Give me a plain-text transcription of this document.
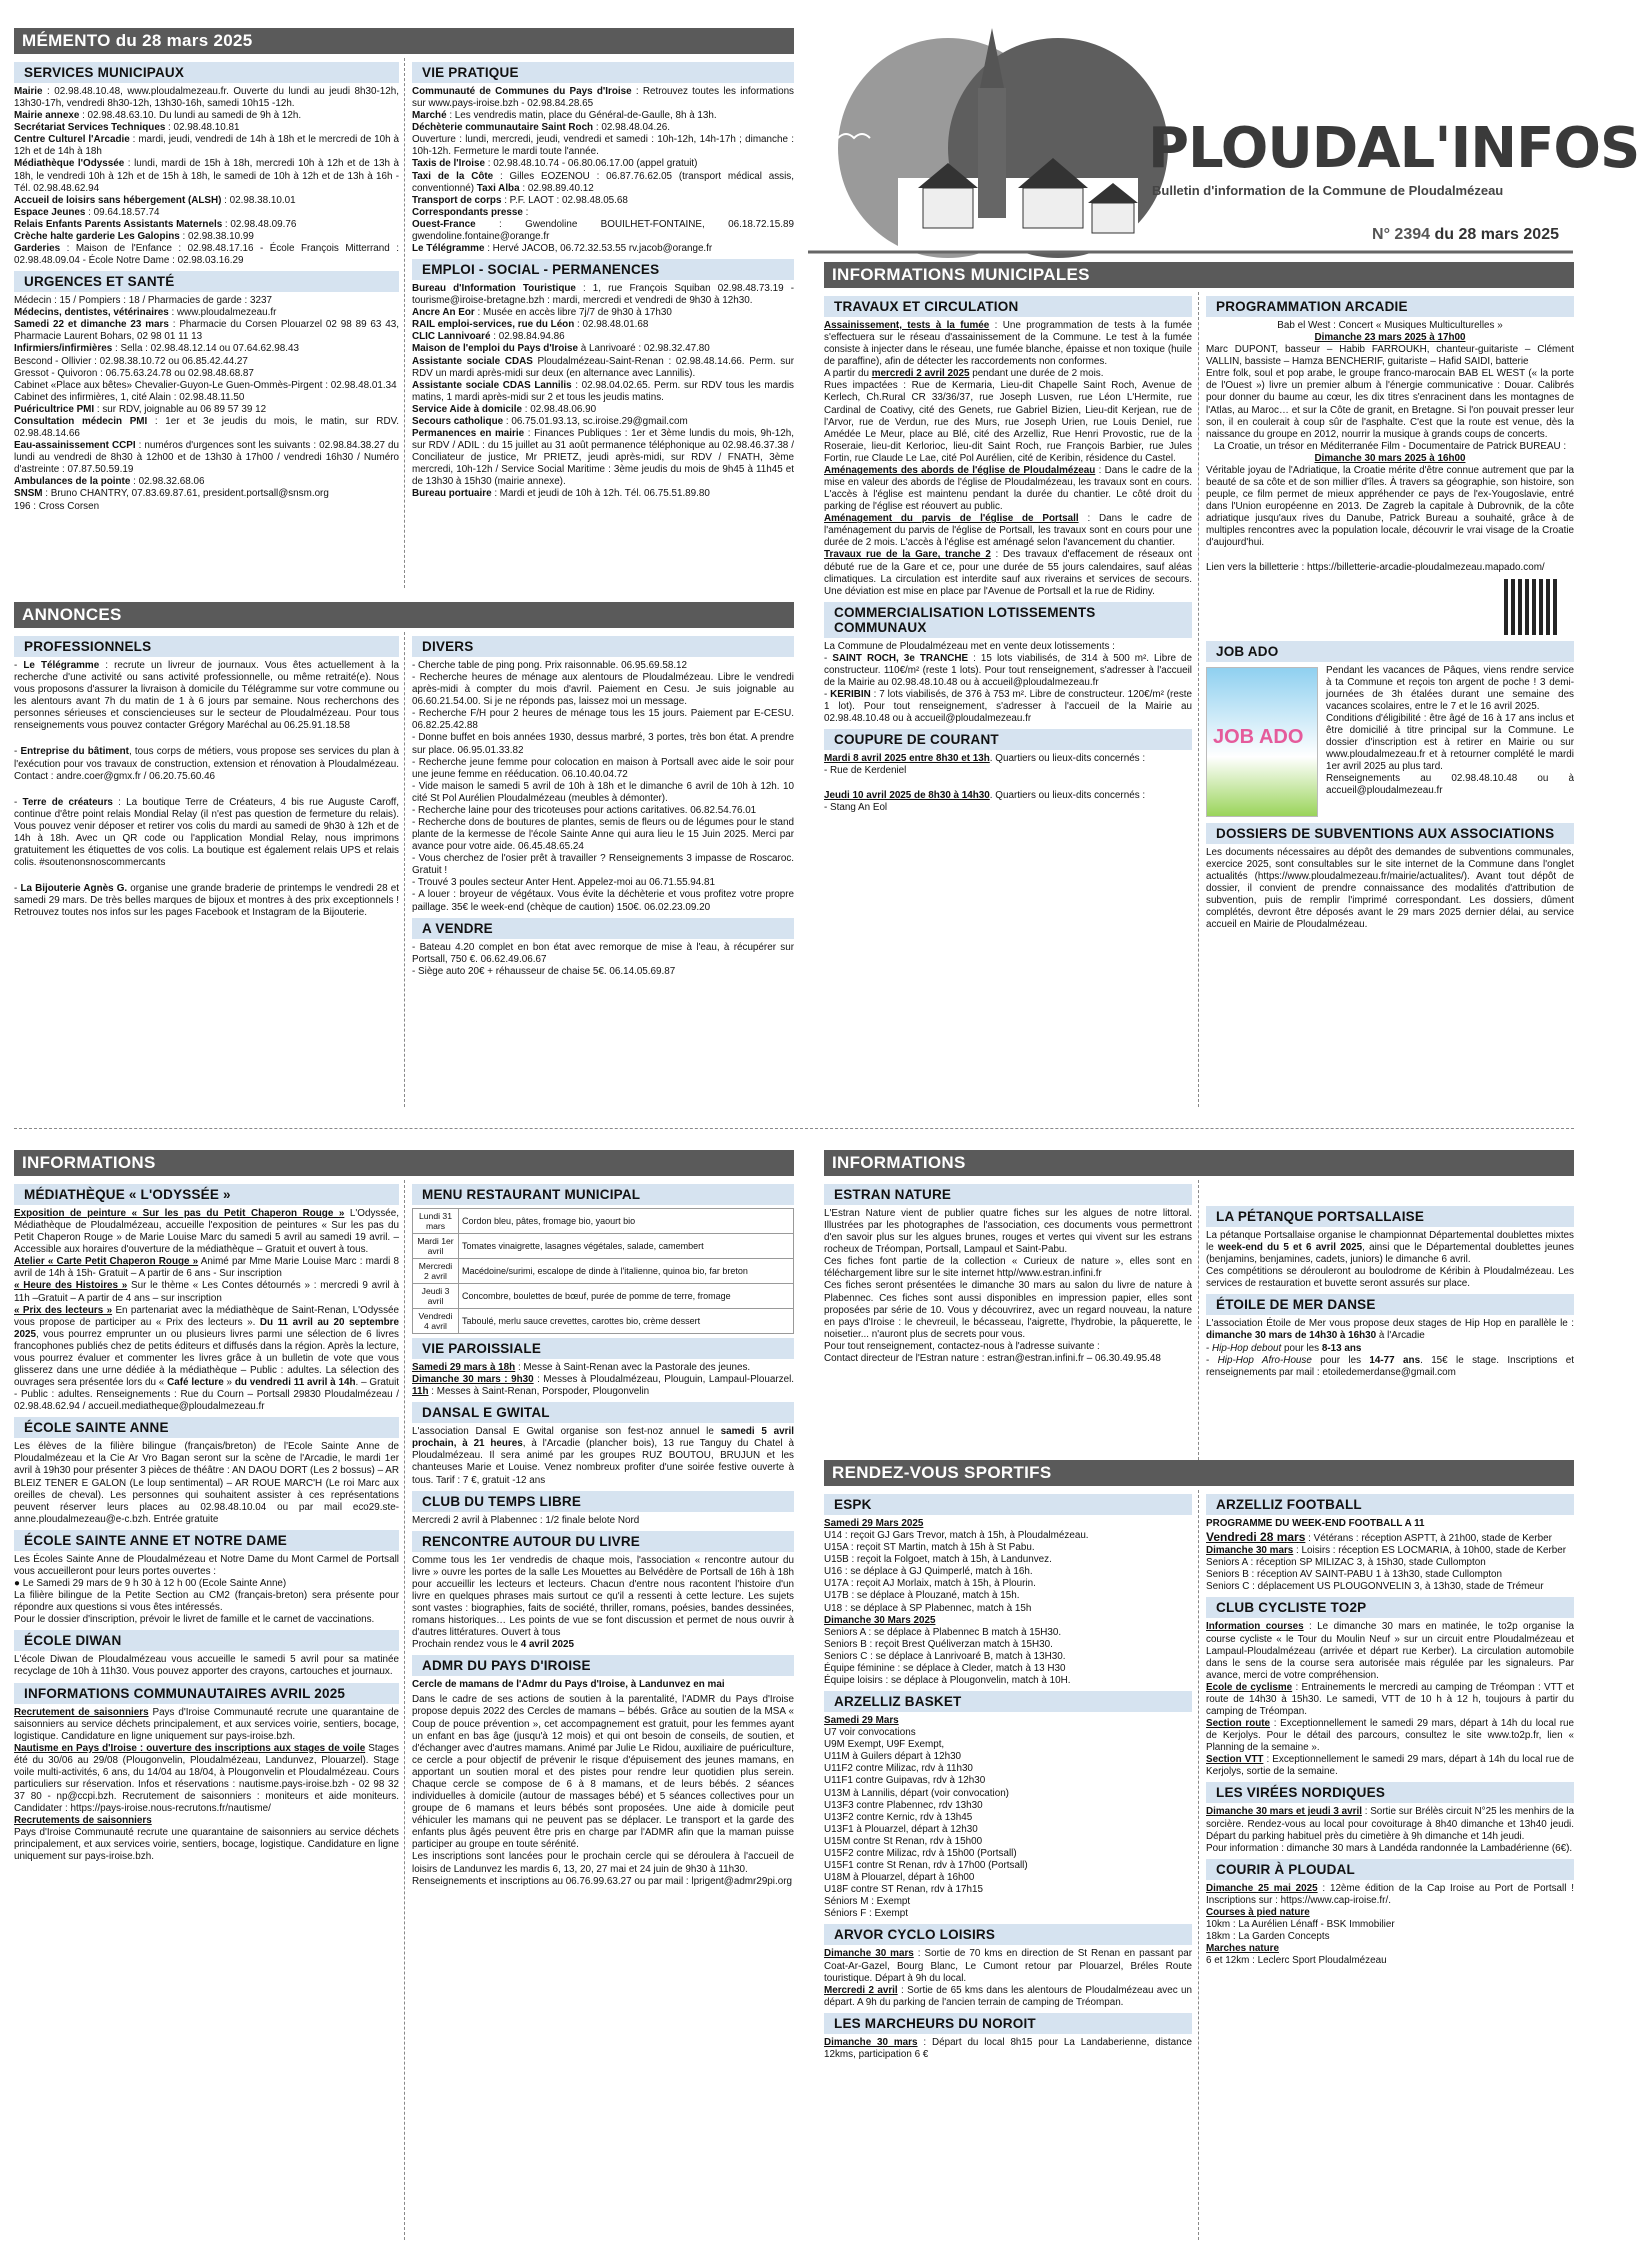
MÉMENTO du 28 mars 2025
SERVICES MUNICIPAUX
Mairie : 02.98.48.10.48, www.ploudalmezeau.fr. Ouverte du lundi au jeudi 8h30-12h, 13h30-17h, vendredi 8h30-12h, 13h30-16h, samedi 10h15 -12h.
Mairie annexe : 02.98.48.63.10. Du lundi au samedi de 9h à 12h.
Secrétariat Services Techniques : 02.98.48.10.81
Centre Culturel l'Arcadie : mardi, jeudi, vendredi de 14h à 18h et le mercredi de 10h à 12h et de 14h à 18h
Médiathèque l'Odyssée : lundi, mardi de 15h à 18h, mercredi 10h à 12h et de 13h à 18h, le vendredi 10h à 12h et de 15h à 18h, le samedi de 10h à 12h et de 13h à 16h - Tél. 02.98.48.62.94
Accueil de loisirs sans hébergement (ALSH) : 02.98.38.10.01
Espace Jeunes : 09.64.18.57.74
Relais Enfants Parents Assistants Maternels : 02.98.48.09.76
Crèche halte garderie Les Galopins : 02.98.38.10.99
Garderies : Maison de l'Enfance : 02.98.48.17.16 - École François Mitterrand : 02.98.48.09.04 - École Notre Dame : 02.98.03.16.29
URGENCES ET SANTÉ
Médecin : 15 / Pompiers : 18 / Pharmacies de garde : 3237
Médecins, dentistes, vétérinaires : www.ploudalmezeau.fr
Samedi 22 et dimanche 23 mars : Pharmacie du Corsen Plouarzel 02 98 89 63 43, Pharmacie Laurent Bohars, 02 98 01 11 13
Infirmiers/infirmières : Sella : 02.98.48.12.14 ou 07.64.62.98.43
Bescond - Ollivier : 02.98.38.10.72 ou 06.85.42.44.27
Gressot - Quivoron : 06.75.63.24.78 ou 02.98.48.68.87
Cabinet «Place aux bêtes» Chevalier-Guyon-Le Guen-Ommès-Pirgent : 02.98.48.01.34
Cabinet des infirmières, 1, cité Alain : 02.98.48.11.50
Puéricultrice PMI : sur RDV, joignable au 06 89 57 39 12
Consultation médecin PMI : 1er et 3e jeudis du mois, le matin, sur RDV. 02.98.48.14.66
Eau-assainissement CCPI : numéros d'urgences sont les suivants : 02.98.84.38.27 du lundi au vendredi de 8h30 à 12h00 et de 13h30 à 17h00 / vendredi 16h30 / Numéro d'astreinte : 07.87.50.59.19
Ambulances de la pointe : 02.98.32.68.06
SNSM : Bruno CHANTRY, 07.83.69.87.61, president.portsall@snsm.org
196 : Cross Corsen
VIE PRATIQUE
Communauté de Communes du Pays d'Iroise : Retrouvez toutes les informations sur www.pays-iroise.bzh - 02.98.84.28.65
Marché : Les vendredis matin, place du Général-de-Gaulle, 8h à 13h.
Déchèterie communautaire Saint Roch : 02.98.48.04.26.
Ouverture : lundi, mercredi, jeudi, vendredi et samedi : 10h-12h, 14h-17h ; dimanche : 10h-12h. Fermeture le mardi toute l'année.
Taxis de l'Iroise : 02.98.48.10.74 - 06.80.06.17.00 (appel gratuit)
Taxi de la Côte : Gilles EOZENOU : 06.87.76.62.05 (transport médical assis, conventionné) Taxi Alba : 02.98.89.40.12
Transport de corps : P.F. LAOT : 02.98.48.05.68
Correspondants presse :
Ouest-France : Gwendoline BOUILHET-FONTAINE, 06.18.72.15.89 gwendoline.fontaine@orange.fr
Le Télégramme : Hervé JACOB, 06.72.32.53.55 rv.jacob@orange.fr
EMPLOI - SOCIAL - PERMANENCES
Bureau d'Information Touristique : 1, rue François Squiban 02.98.48.73.19 - tourisme@iroise-bretagne.bzh : mardi, mercredi et vendredi de 9h30 à 12h30.
Ancre An Eor : Musée en accès libre 7j/7 de 9h30 à 17h30
RAIL emploi-services, rue du Léon : 02.98.48.01.68
CLIC Lannivoaré : 02.98.84.94.86
Maison de l'emploi du Pays d'Iroise à Lanrivoaré : 02.98.32.47.80
Assistante sociale CDAS Ploudalmézeau-Saint-Renan : 02.98.48.14.66. Perm. sur RDV un mardi après-midi sur deux (en alternance avec Lannilis).
Assistante sociale CDAS Lannilis : 02.98.04.02.65. Perm. sur RDV tous les mardis matins, 1 mardi après-midi sur 2 et tous les jeudis matins.
Service Aide à domicile : 02.98.48.06.90
Secours catholique : 06.75.01.93.13, sc.iroise.29@gmail.com
Permanences en mairie : Finances Publiques : 1er et 3ème lundis du mois, 9h-12h, sur RDV / ADIL : du 15 juillet au 31 août permanence téléphonique au 02.98.46.37.38 / Conciliateur de justice, Mr PRIETZ, jeudi après-midi, sur RDV / FNATH, 3ème mercredi, 10h-12h / Service Social Maritime : 3ème jeudis du mois de 9h45 à 11h45 et de 13h30 à 15h30 (mairie annexe).
Bureau portuaire : Mardi et jeudi de 10h à 12h. Tél. 06.75.51.89.80
ANNONCES
PROFESSIONNELS
- Le Télégramme : recrute un livreur de journaux. Vous êtes actuellement à la recherche d'une activité ou sans activité professionnelle, ou même retraité(e). Nous vous proposons d'assurer la livraison à domicile du Télégramme sur votre commune ou les alentours avant 7h du matin de 1 à 6 jours par semaine. Nous recherchons des personnes sérieuses et consciencieuses sur le secteur de Ploudalmézeau. Pour tous renseignements vous pouvez contacter Grégory Maréchal au 06.25.91.18.58
- Entreprise du bâtiment, tous corps de métiers, vous propose ses services du plan à l'exécution pour vos travaux de construction, extension et rénovation à Ploudalmézeau. Contact : andre.coer@gmx.fr / 06.20.75.60.46
- Terre de créateurs : La boutique Terre de Créateurs, 4 bis rue Auguste Caroff, continue d'être point relais Mondial Relay (il n'est pas question de fermeture du relais). Vous pouvez venir déposer et retirer vos colis du mardi au samedi de 9h30 à 12h et de 14h à 18h. Avec un QR code ou l'application Mondial Relay, nous imprimons gratuitement les étiquettes de vos colis. La boutique est également relais UPS et relais colis. #soutenonsnoscommercants
- La Bijouterie Agnès G. organise une grande braderie de printemps le vendredi 28 et samedi 29 mars. De très belles marques de bijoux et montres à des prix exceptionnels ! Retrouvez toutes nos infos sur les pages Facebook et Instagram de la Bijouterie.
DIVERS
- Cherche table de ping pong. Prix raisonnable. 06.95.69.58.12
- Recherche heures de ménage aux alentours de Ploudalmézeau. Libre le vendredi après-midi à compter du mois d'avril. Paiement en Cesu. Je suis joignable au 06.60.21.54.00. Si je ne réponds pas, laissez moi un message.
- Recherche F/H pour 2 heures de ménage tous les 15 jours. Paiement par E-CESU. 06.82.25.42.88
- Donne buffet en bois années 1930, dessus marbré, 3 portes, très bon état. A prendre sur place. 06.95.01.33.82
- Recherche jeune femme pour colocation en maison à Portsall avec aide le soir pour une jeune femme en rééducation. 06.10.40.04.72
- Vide maison le samedi 5 avril de 10h à 18h et le dimanche 6 avril de 10h à 12h. 10 cité St Pol Aurélien Ploudalmézeau (meubles à démonter).
- Recherche laine pour des tricoteuses pour actions caritatives. 06.82.54.76.01
- Recherche dons de boutures de plantes, semis de fleurs ou de légumes pour le stand plante de la kermesse de l'école Sainte Anne qui aura lieu le 15 Juin 2025. Merci par avance pour votre aide. 06.45.48.65.24
- Vous cherchez de l'osier prêt à travailler ? Renseignements 3 impasse de Roscaroc. Gratuit !
- Trouvé 3 poules secteur Anter Hent. Appelez-moi au 06.71.55.94.81
- A louer : broyeur de végétaux. Vous évite la déchèterie et vous profitez votre propre paillage. 35€ le week-end (chèque de caution) 150€. 06.02.23.09.20
A VENDRE
- Bateau 4.20 complet en bon état avec remorque de mise à l'eau, à récupérer sur Portsall, 750 €. 06.62.49.06.67
- Siège auto 20€ + réhausseur de chaise 5€. 06.14.05.69.87
PLOUDAL'INFOS
Bulletin d'information de la Commune de Ploudalmézeau
N° 2394 du 28 mars 2025
INFORMATIONS MUNICIPALES
TRAVAUX ET CIRCULATION
Assainissement, tests à la fumée : Une programmation de tests à la fumée s'effectuera sur le réseau d'assainissement de la Commune. Le test à la fumée consiste à injecter dans le réseau, une fumée blanche, épaisse et non toxique (huile de paraffine), afin de détecter les raccordements non conformes.
A partir du mercredi 2 avril 2025 pendant une durée de 2 mois.
Rues impactées : Rue de Kermaria, Lieu-dit Chapelle Saint Roch, Avenue de Kerlech, Ch.Rural CR 33/36/37, rue Joseph Lusven, rue Léon L'Hermite, rue Cardinal de Coativy, cité des Genets, rue Gabriel Bizien, Lieu-dit Kerjean, rue de l'Arvor, rue de Verdun, rue des Murs, rue Joseph Urien, rue Louis Deniel, rue Amédée Le Meur, place au Blé, cité des Arzelliz, Rue Henri Provostic, rue de la Roseraie, lieu-dit Kerlorioc, lieu-dit Saint Roch, rue François Barbier, rue Jules Fortin, rue Claude Le Lae, cité Pol Aurélien, cité de Keribin, résidence du Castel.
Aménagements des abords de l'église de Ploudalmézeau : Dans le cadre de la mise en valeur des abords de l'église de Ploudalmézeau, les travaux sont en cours. L'accès à l'église est maintenu pendant la durée du chantier. Le côté droit du parking de l'église est réouvert au public.
Aménagement du parvis de l'église de Portsall : Dans le cadre de l'aménagement du parvis de l'église de Portsall, les travaux sont en cours pour une durée de 2 mois. L'accès à l'église est aménagé selon l'avancement du chantier.
Travaux rue de la Gare, tranche 2 : Des travaux d'effacement de réseaux ont débuté rue de la Gare et ce, pour une durée de 55 jours calendaires, sauf aléas climatiques. La circulation est interdite sauf aux riverains et services de secours. Une déviation est mise en place par l'Avenue de Portsall et la rue de Ridiny.
COMMERCIALISATION LOTISSEMENTS COMMUNAUX
La Commune de Ploudalmézeau met en vente deux lotissements :
- SAINT ROCH, 3e TRANCHE : 15 lots viabilisés, de 314 à 500 m². Libre de constructeur. 110€/m² (reste 1 lots). Pour tout renseignement, s'adresser à l'accueil de la Mairie au 02.98.48.10.48 ou à accueil@ploudalmezeau.fr
- KERIBIN : 7 lots viabilisés, de 376 à 753 m². Libre de constructeur. 120€/m² (reste 1 lot). Pour tout renseignement, s'adresser à l'accueil de la Mairie au 02.98.48.10.48 ou à accueil@ploudalmezeau.fr
COUPURE DE COURANT
Mardi 8 avril 2025 entre 8h30 et 13h. Quartiers ou lieux-dits concernés :
- Rue de Kerdeniel

Jeudi 10 avril 2025 de 8h30 à 14h30. Quartiers ou lieux-dits concernés :
- Stang An Eol
PROGRAMMATION ARCADIE
Bab el West : Concert « Musiques Multiculturelles »
Dimanche 23 mars 2025 à 17h00
Marc DUPONT, basseur – Habib FARROUKH, chanteur-guitariste – Clément VALLIN, bassiste – Hamza BENCHERIF, guitariste – Hafid SAIDI, batterie
Entre folk, soul et pop arabe, le groupe franco-marocain BAB EL WEST (« la porte de l'Ouest ») livre un premier album à l'énergie communicative : Douar. Calibrés pour donner du baume au cœur, les dix titres s'enracinent dans les montagnes de l'Atlas, au Maroc… et sur la Côte de granit, en Bretagne. Si l'on pouvait presser leur son, il en coulerait à coup sûr de l'asphalte. C'est que la route est venue, dès la naissance du groupe en 2012, nourrir la musique à grands coups de concerts.
La Croatie, un trésor en Méditerranée Film - Documentaire de Patrick BUREAU : Dimanche 30 mars 2025 à 16h00
Véritable joyau de l'Adriatique, la Croatie mérite d'être connue autrement que par la beauté de sa côte et de son millier d'îles. À travers sa géographie, son histoire, son peuple, ce film permet de mieux appréhender ce pays de l'ex-Yougoslavie, entré dans l'Union européenne en 2013. De Zagreb la capitale à Dubrovnik, de la côte adriatique jusqu'aux rives du Danube, Patrick Bureau a souhaité, grâce à de multiples rencontres avec la population locale, découvrir le vrai visage de la Croatie d'aujourd'hui.

Lien vers la billetterie : https://billetterie-arcadie-ploudalmezeau.mapado.com/
JOB ADO
JOB ADO
Pendant les vacances de Pâques, viens rendre service à ta Commune et reçois ton argent de poche ! 3 demi-journées de 3h étalées durant une semaine des vacances scolaires, entre le 7 et le 16 avril 2025.
Conditions d'éligibilité : être âgé de 16 à 17 ans inclus et être domicilié à titre principal sur la Commune. Le dossier d'inscription est à retirer en Mairie ou sur www.ploudalmezeau.fr et à retourner complété le mardi 1er avril 2025 au plus tard.
Renseignements au 02.98.48.10.48 ou à accueil@ploudalmezeau.fr
DOSSIERS DE SUBVENTIONS AUX ASSOCIATIONS
Les documents nécessaires au dépôt des demandes de subventions communales, exercice 2025, sont consultables sur le site internet de la Commune dans l'onglet actualités (https://www.ploudalmezeau.fr/mairie/actualites/). Avant tout dépôt de dossier, il convient de prendre connaissance des modalités d'attribution de subvention, puis de remplir l'imprimé correspondant. Les dossiers, dûment complétés, devront être déposés avant le 29 mars 2025 dernier délai, au service accueil en Mairie de Ploudalmézeau.
INFORMATIONS
MÉDIATHÈQUE « L'ODYSSÉE »
Exposition de peinture « Sur les pas du Petit Chaperon Rouge » L'Odyssée, Médiathèque de Ploudalmézeau, accueille l'exposition de peintures « Sur les pas du Petit Chaperon Rouge » de Marie Louise Marc du samedi 5 avril au samedi 19 avril. – Accessible aux horaires d'ouverture de la médiathèque – Gratuit et ouvert à tous.
Atelier « Carte Petit Chaperon Rouge » Animé par Mme Marie Louise Marc : mardi 8 avril de 14h à 15h- Gratuit – A partir de 6 ans - Sur inscription
« Heure des Histoires » Sur le thème « Les Contes détournés » : mercredi 9 avril à 11h –Gratuit – A partir de 4 ans – sur inscription
« Prix des lecteurs » En partenariat avec la médiathèque de Saint-Renan, L'Odyssée vous propose de participer au « Prix des lecteurs ». Du 11 avril au 20 septembre 2025, vous pourrez emprunter un ou plusieurs livres parmi une sélection de 6 livres francophones publiés chez de petits éditeurs et diffusés dans la région. Après la lecture, vous pourrez évaluer et commenter les livres grâce à un bulletin de vote que vous glisserez dans une urne dédiée à la médiathèque – Public : adultes. La sélection des ouvrages sera présentée lors du « Café lecture » du vendredi 11 avril à 14h. – Gratuit - Public : adultes. Renseignements : Rue du Courn – Portsall 29830 Ploudalmézeau / 02.98.48.62.94 / accueil.mediatheque@ploudalmezeau.fr
ÉCOLE SAINTE ANNE
Les élèves de la filière bilingue (français/breton) de l'Ecole Sainte Anne de Ploudalmézeau et la Cie Ar Vro Bagan seront sur la scène de l'Arcadie, le mardi 1er avril à 19h30 pour présenter 3 pièces de théâtre : AN DAOU DORT (Les 2 bossus) – AR BLEIZ TENER E GALON (Le loup sentimental) – AR ROUE MARC'H (Le roi Marc aux oreilles de cheval). Les personnes qui souhaitent assister à ces représentations peuvent réserver leurs places au 02.98.48.10.04 ou par mail eco29.ste-anne.ploudalmezeau@e-c.bzh. Entrée gratuite
ÉCOLE SAINTE ANNE ET NOTRE DAME
Les Écoles Sainte Anne de Ploudalmézeau et Notre Dame du Mont Carmel de Portsall vous accueilleront pour leurs portes ouvertes :
● Le Samedi 29 mars de 9 h 30 à 12 h 00 (Ecole Sainte Anne)
La filière bilingue de la Petite Section au CM2 (français-breton) sera présente pour répondre aux questions si vous êtes intéressés.
Pour le dossier d'inscription, prévoir le livret de famille et le carnet de vaccinations.
ÉCOLE DIWAN
L'école Diwan de Ploudalmézeau vous accueille le samedi 5 avril pour sa matinée recyclage de 10h à 11h30. Vous pouvez apporter des crayons, cartouches et journaux.
INFORMATIONS COMMUNAUTAIRES AVRIL 2025
Recrutement de saisonniers Pays d'Iroise Communauté recrute une quarantaine de saisonniers au service déchets principalement, et aux services voirie, sentiers, bocage, logistique. Candidature en ligne uniquement sur pays-iroise.bzh.
Nautisme en Pays d'Iroise : ouverture des inscriptions aux stages de voile Stages été du 30/06 au 29/08 (Plougonvelin, Ploudalmézeau, Landunvez, Plouarzel). Stage voile multi-activités, 6 ans, du 14/04 au 18/04, à Plougonvelin et Ploudalmézeau. Cours particuliers sur réservation. Infos et réservations : nautisme.pays-iroise.bzh - 02 98 32 37 80 - np@ccpi.bzh. Recrutement de saisonniers : moniteurs et aide moniteurs. Candidater : https://pays-iroise.nous-recrutons.fr/nautisme/
Recrutements de saisonniers
Pays d'Iroise Communauté recrute une quarantaine de saisonniers au service déchets principalement, et aux services voirie, sentiers, bocage, logistique. Candidature en ligne uniquement sur pays-iroise.bzh.
MENU RESTAURANT MUNICIPAL
Lundi 31 mars	Cordon bleu, pâtes, fromage bio, yaourt bio
Mardi 1er avril	Tomates vinaigrette, lasagnes végétales, salade, camembert
Mercredi 2 avril	Macédoine/surimi, escalope de dinde à l'italienne, quinoa bio, far breton
Jeudi 3 avril	Concombre, boulettes de bœuf, purée de pomme de terre, fromage
Vendredi 4 avril	Taboulé, merlu sauce crevettes, carottes bio, crème dessert
VIE PAROISSIALE
Samedi 29 mars à 18h : Messe à Saint-Renan avec la Pastorale des jeunes.
Dimanche 30 mars : 9h30 : Messes à Ploudalmézeau, Plouguin, Lampaul-Plouarzel. 11h : Messes à Saint-Renan, Porspoder, Plougonvelin
DANSAL E GWITAL
L'association Dansal E Gwital organise son fest-noz annuel le samedi 5 avril prochain, à 21 heures, à l'Arcadie (plancher bois), 13 rue Tanguy du Chatel à Ploudalmézeau. Il sera animé par les groupes RUZ BOUTOU, BRUJUN et les chanteuses Marie et Louise. Venez nombreux profiter d'une soirée festive ouverte à tous. Tarif : 7 €, gratuit -12 ans
CLUB DU TEMPS LIBRE
Mercredi 2 avril à Plabennec : 1/2 finale belote Nord
RENCONTRE AUTOUR DU LIVRE
Comme tous les 1er vendredis de chaque mois, l'association « rencontre autour du livre » ouvre les portes de la salle Les Mouettes au Belvédère de Portsall de 16h à 18h pour accueillir les lecteurs et lecteurs. Chacun d'entre nous racontent l'histoire d'un livre en quelques phrases mais surtout ce qu'il a ressenti à cette lecture. Les sujets sont vastes : biographies, faits de société, thriller, romans, poésies, bandes dessinées, romans historiques… Les points de vue se font discussion et permet de nous ouvrir à d'autres littératures. Ouvert à tous
Prochain rendez vous le 4 avril 2025
ADMR DU PAYS D'IROISE
Cercle de mamans de l'Admr du Pays d'Iroise, à Landunvez en mai
Dans le cadre de ses actions de soutien à la parentalité, l'ADMR du Pays d'Iroise propose depuis 2022 des Cercles de mamans – bébés. Grâce au soutien de la MSA « Coup de pouce prévention », cet accompagnement est gratuit, pour les femmes ayant un enfant en bas âge (jusqu'à 12 mois) et qui ont besoin de conseils, de soutien, et d'échanger avec d'autres mamans. Animé par Julie Le Ridou, auxiliaire de puériculture, ce cercle a pour objectif de prévenir le risque d'épuisement des jeunes mamans, en apportant un soutien moral et des pistes pour rendre leur quotidien plus serein. Chaque cercle se compose de 6 à 8 mamans, et de leurs bébés. 2 séances individuelles à domicile (autour de massages bébé) et 5 séances collectives pour un groupe de 6 mamans et leurs bébés sont proposées. Une aide à domicile peut véhiculer les mamans qui ne peuvent pas se déplacer. Le transport et la garde des enfants plus âgés peuvent être pris en charge par l'ADMR afin que la maman puisse participer au groupe en toute sérénité.
Les inscriptions sont lancées pour le prochain cercle qui se déroulera à l'accueil de loisirs de Landunvez les mardis 6, 13, 20, 27 mai et 24 juin de 9h30 à 11h30.
Renseignements et inscriptions au 06.76.99.63.27 ou par mail : lprigent@admr29pi.org
INFORMATIONS
ESTRAN NATURE
L'Estran Nature vient de publier quatre fiches sur les algues de notre littoral. Illustrées par les photographes de l'association, ces documents vous permettront d'en savoir plus sur les algues brunes, rouges et vertes qui vivent sur les estrans rocheux de Tréompan, Portsall, Lampaul et Saint-Pabu.
Ces fiches font partie de la collection « Curieux de nature », elles sont en téléchargement libre sur le site internet http//www.estran.infini.fr
Ces fiches seront présentées le dimanche 30 mars au salon du livre de nature à Plabennec. Ces fiches sont aussi disponibles en impression papier, elles sont proposées par série de 10. Vous y découvrirez, avec un regard nouveau, la nature en pays d'Iroise : le chevreuil, le bécasseau, l'aigrette, l'hydrobie, la pâquerette, le noisetier... n'auront plus de secrets pour vous.
Pour tout renseignement, contactez-nous à l'adresse suivante :
Contact directeur de l'Estran nature : estran@estran.infini.fr – 06.30.49.95.48
LA PÉTANQUE PORTSALLAISE
La pétanque Portsallaise organise le championnat Départemental doublettes mixtes le week-end du 5 et 6 avril 2025, ainsi que le Départemental doublettes jeunes (benjamins, benjamines, cadets, juniors) le dimanche 6 avril.
Ces compétitions se dérouleront au boulodrome de Kéribin à Ploudalmézeau. Les services de restauration et buvette seront assurés sur place.
ÉTOILE DE MER DANSE
L'association Étoile de Mer vous propose deux stages de Hip Hop en parallèle le : dimanche 30 mars de 14h30 à 16h30 à l'Arcadie
- Hip-Hop debout pour les 8-13 ans
- Hip-Hop Afro-House pour les 14-77 ans. 15€ le stage. Inscriptions et renseignements par mail : etoiledemerdanse@gmail.com
RENDEZ-VOUS SPORTIFS
ESPK
Samedi 29 Mars 2025
U14 : reçoit GJ Gars Trevor, match à 15h, à Ploudalmézeau.
U15A : reçoit ST Martin, match à 15h à St Pabu.
U15B : reçoit la Folgoet, match à 15h, à Landunvez.
U16 : se déplace à GJ Quimperlé, match à 16h.
U17A : reçoit AJ Morlaix, match à 15h, à Plourin.
U17B : se déplace à Plouzané, match à 15h.
U18 : se déplace à SP Plabennec, match à 15h
Dimanche 30 Mars 2025
Seniors A : se déplace à Plabennec B match à 15H30.
Seniors B : reçoit Brest Quéliverzan match à 15H30.
Seniors C : se déplace à Lanrivoaré B, match à 13H30.
Équipe féminine : se déplace à Cleder, match à 13 H30
Équipe loisirs : se déplace à Plougonvelin, match à 10H.
ARZELLIZ BASKET
Samedi 29 Mars
U7 voir convocations
U9M Exempt, U9F Exempt,
U11M à Guilers départ à 12h30
U11F2 contre Milizac, rdv à 11h30
U11F1 contre Guipavas, rdv à 12h30
U13M à Lannilis, départ (voir convocation)
U13F3 contre Plabennec, rdv 13h30
U13F2 contre Kernic, rdv à 13h45
U13F1 à Plouarzel, départ à 12h30
U15M contre St Renan, rdv à 15h00
U15F2 contre Milizac, rdv à 15h00 (Portsall)
U15F1 contre St Renan, rdv à 17h00 (Portsall)
U18M à Plouarzel, départ à 16h00
U18F contre ST Renan, rdv à 17h15
Séniors M : Exempt
Séniors F : Exempt
ARVOR CYCLO LOISIRS
Dimanche 30 mars : Sortie de 70 kms en direction de St Renan en passant par Coat-Ar-Gazel, Bourg Blanc, Le Cumont retour par Plouarzel, Bréles Route touristique. Départ à 9h du local.
Mercredi 2 avril : Sortie de 65 kms dans les alentours de Ploudalmézeau avec un départ. A 9h du parking de l'ancien terrain de camping de Tréompan.
LES MARCHEURS DU NOROIT
Dimanche 30 mars : Départ du local 8h15 pour La Landaberienne, distance 12kms, participation 6 €
ARZELLIZ FOOTBALL
PROGRAMME DU WEEK-END FOOTBALL A 11
Vendredi 28 mars : Vétérans : réception ASPTT, à 21h00, stade de Kerber
Dimanche 30 mars : Loisirs : réception ES LOCMARIA, à 10h00, stade de Kerber
Seniors A : réception SP MILIZAC 3, à 15h30, stade Cullompton
Seniors B : réception AV SAINT-PABU 1 à 13h30, stade Cullompton
Seniors C : déplacement US PLOUGONVELIN 3, à 13h30, stade de Trémeur
CLUB CYCLISTE TO2P
Information courses : Le dimanche 30 mars en matinée, le to2p organise la course cycliste « le Tour du Moulin Neuf » sur un circuit entre Ploudalmézeau et Lampaul-Ploudalmézeau (arrivée et départ rue Kerber). La circulation automobile dans le sens de la course sera autorisée mais régulée par les signaleurs. Par avance, merci de votre compréhension.
Ecole de cyclisme : Entrainements le mercredi au camping de Tréompan : VTT et route de 14h30 à 15h30. Le samedi, VTT de 10 h à 12 h, toujours à partir du camping de Tréompan.
Section route : Exceptionnellement le samedi 29 mars, départ à 14h du local rue de Kerjolys. Pour le détail des parcours, consultez le site www.to2p.fr, lien « Planning de la semaine ».
Section VTT : Exceptionnellement le samedi 29 mars, départ à 14h du local rue de Kerjolys, sortie de la semaine.
LES VIRÉES NORDIQUES
Dimanche 30 mars et jeudi 3 avril : Sortie sur Brélès circuit N°25 les menhirs de la sorcière. Rendez-vous au local pour covoiturage à 8h40 dimanche et 13h40 jeudi. Départ du parking habituel près du cimetière à 9h dimanche et 14h jeudi.
Pour information : dimanche 30 mars à Landéda randonnée la Lambadérienne (6€).
COURIR À PLOUDAL
Dimanche 25 mai 2025 : 12ème édition de la Cap Iroise au Port de Portsall ! Inscriptions sur : https://www.cap-iroise.fr/.
Courses à pied nature
10km : La Aurélien Lénaff - BSK Immobilier
18km : La Garden Concepts
Marches nature
6 et 12km : Leclerc Sport Ploudalmézeau
